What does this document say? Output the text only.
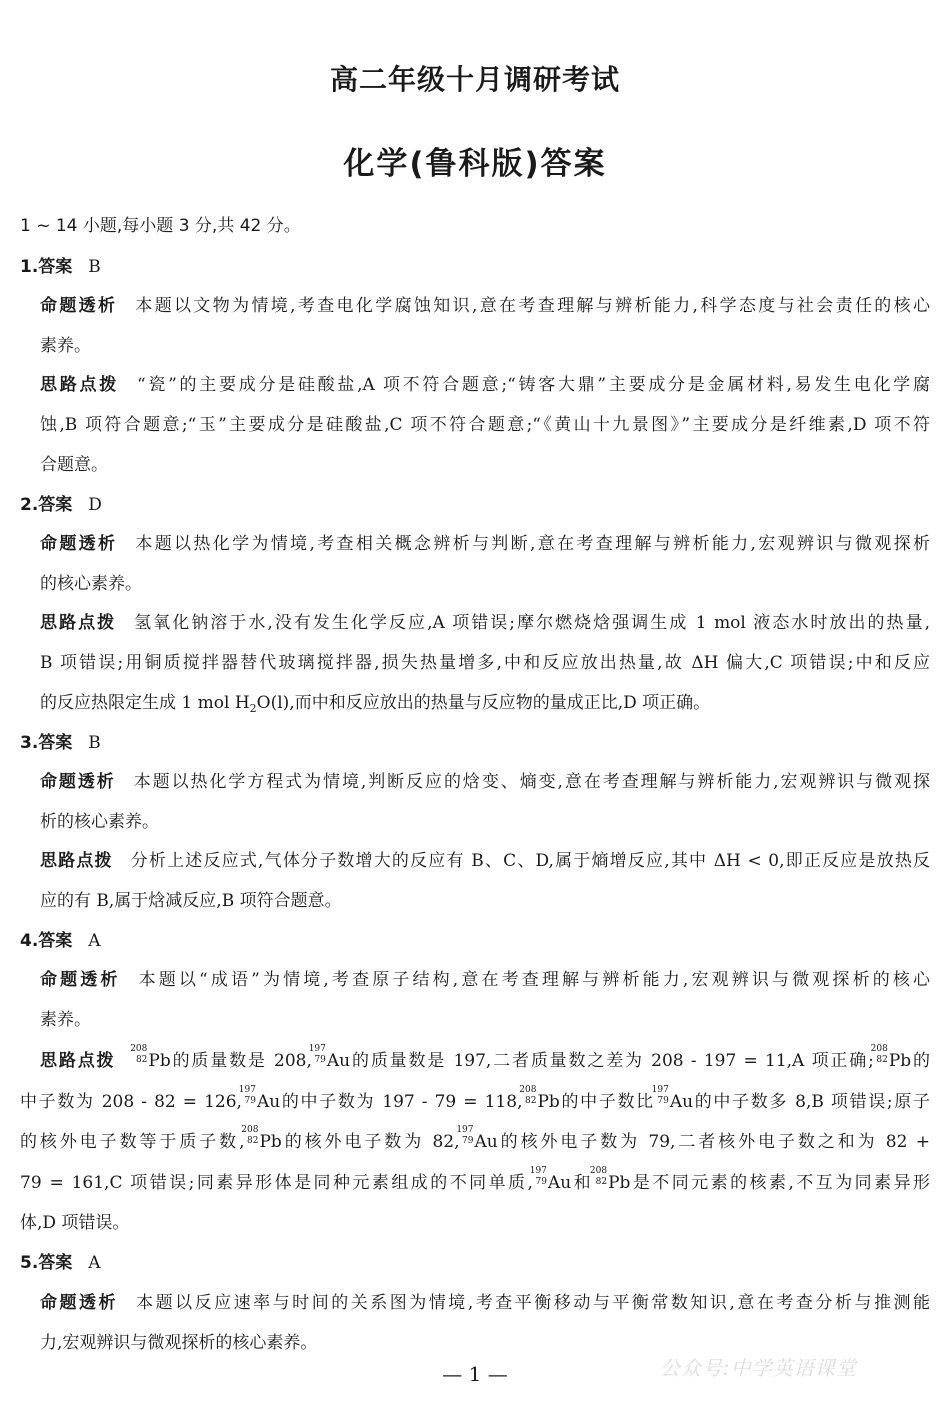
高二年级十月调研考试
化学(鲁科版)答案
1 ~ 14 小题,每小题 3 分,共 42 分。
1.答案 B
命题透析 本题以文物为情境,考查电化学腐蚀知识,意在考查理解与辨析能力,科学态度与社会责任的核心
素养。
思路点拨 “瓷”的主要成分是硅酸盐,A 项不符合题意;“铸客大鼎”主要成分是金属材料,易发生电化学腐
蚀,B 项符合题意;“玉”主要成分是硅酸盐,C 项不符合题意;“《黄山十九景图》”主要成分是纤维素,D 项不符
合题意。
2.答案 D
命题透析 本题以热化学为情境,考查相关概念辨析与判断,意在考查理解与辨析能力,宏观辨识与微观探析
的核心素养。
思路点拨 氢氧化钠溶于水,没有发生化学反应,A 项错误;摩尔燃烧焓强调生成 1 mol 液态水时放出的热量,
B 项错误;用铜质搅拌器替代玻璃搅拌器,损失热量增多,中和反应放出热量,故 ΔH 偏大,C 项错误;中和反应
的反应热限定生成 1 mol $H_2O(l)$,而中和反应放出的热量与反应物的量成正比,D 项正确。
3.答案 B
命题透析 本题以热化学方程式为情境,判断反应的焓变、熵变,意在考查理解与辨析能力,宏观辨识与微观探
析的核心素养。
思路点拨 分析上述反应式,气体分子数增大的反应有 B、C、D,属于熵增反应,其中 ΔH < 0,即正反应是放热反
应的有 B,属于焓减反应,B 项符合题意。
4.答案 A
命题透析 本题以“成语”为情境,考查原子结构,意在考查理解与辨析能力,宏观辨识与微观探析的核心
素养。
思路点拨
208
82 Pb的质量数是 208,
197
79 Au的质量数是 197,二者质量数之差为 208 - 197 = 11,A 项正确;
208
82 Pb的
中子数为 208 - 82 = 126,
197
79 Au的中子数为 197 - 79 = 118,
208
82 Pb的中子数比
197
79 Au的中子数多 8,B 项错误;原子
的核外电子数等于质子数,
208
82 Pb的核外电子数为 82,
197
79 Au的核外电子数为 79,二者核外电子数之和为 82 +
79 = 161,C 项错误;同素异形体是同种元素组成的不同单质,
197
79 Au和
208
82 Pb是不同元素的核素,不互为同素异形
体,D 项错误。
5.答案 A
命题透析 本题以反应速率与时间的关系图为情境,考查平衡移动与平衡常数知识,意在考查分析与推测能
力,宏观辨识与微观探析的核心素养。
公众号:中学英语课堂
— 1 —
